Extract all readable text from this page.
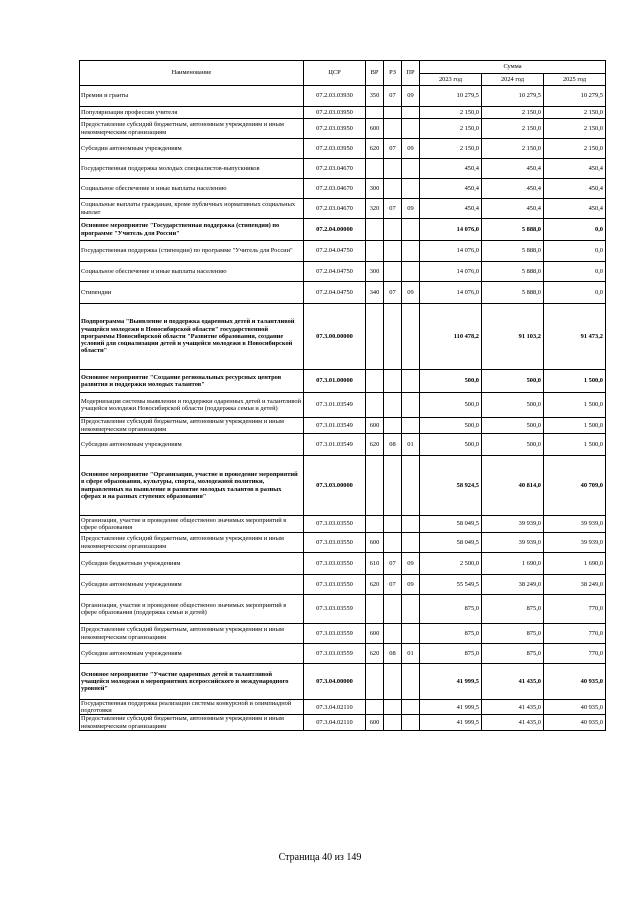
Наименование	ЦСР	ВР	РЗ	ПР	Сумма		
					2023 год	2024 год	2025 год
Премии и гранты	07.2.03.03930	350	07	09	10 279,5	10 279,5	10 279,5
Популяризация профессии учителя	07.2.03.03950				2 150,0	2 150,0	2 150,0
Предоставление субсидий бюджетным, автономным учреждениям и иным некоммерческим организациям	07.2.03.03950	600			2 150,0	2 150,0	2 150,0
Субсидии автономным учреждениям	07.2.03.03950	620	07	09	2 150,0	2 150,0	2 150,0
Государственная поддержка молодых специалистов-выпускников	07.2.03.04670				450,4	450,4	450,4
Социальное обеспечение и иные выплаты населению	07.2.03.04670	300			450,4	450,4	450,4
Социальные выплаты гражданам, кроме публичных нормативных социальных выплат	07.2.03.04670	320	07	09	450,4	450,4	450,4
Основное мероприятие "Государственная поддержка (стипендии) по программе "Учитель для России"	07.2.04.00000				14 076,0	5 888,0	0,0
Государственная поддержка (стипендии) по программе "Учитель для России"	07.2.04.04750				14 076,0	5 888,0	0,0
Социальное обеспечение и иные выплаты населению	07.2.04.04750	300			14 076,0	5 888,0	0,0
Стипендии	07.2.04.04750	340	07	09	14 076,0	5 888,0	0,0
Подпрограмма "Выявление и поддержка одаренных детей и талантливой учащейся молодежи в Новосибирской области" государственной программы Новосибирской области "Развитие образования, создание условий для социализации детей и учащейся молодежи в Новосибирской области"	07.3.00.00000				110 478,2	91 103,2	91 473,2
Основное мероприятие "Создание региональных ресурсных центров развития и поддержки молодых талантов"	07.3.01.00000				500,0	500,0	1 500,0
Модернизация системы выявления и поддержки одаренных детей и талантливой учащейся молодежи Новосибирской области (поддержка семьи и детей)	07.3.01.03549				500,0	500,0	1 500,0
Предоставление субсидий бюджетным, автономным учреждениям и иным некоммерческим организациям	07.3.01.03549	600			500,0	500,0	1 500,0
Субсидии автономным учреждениям	07.3.01.03549	620	08	01	500,0	500,0	1 500,0
Основное мероприятие "Организация, участие и проведение мероприятий в сфере образования, культуры, спорта, молодежной политики, направленных на выявление и развитие молодых талантов в разных сферах и на разных ступенях образования"	07.3.03.00000				58 924,5	40 814,0	40 709,0
Организация, участие и проведение общественно значимых мероприятий в сфере образования	07.3.03.03550				58 049,5	39 939,0	39 939,0
Предоставление субсидий бюджетным, автономным учреждениям и иным некоммерческим организациям	07.3.03.03550	600			58 049,5	39 939,0	39 939,0
Субсидии бюджетным учреждениям	07.3.03.03550	610	07	09	2 500,0	1 690,0	1 690,0
Субсидии автономным учреждениям	07.3.03.03550	620	07	09	55 549,5	38 249,0	38 249,0
Организация, участие и проведение общественно значимых мероприятий в сфере образования (поддержка семьи и детей)	07.3.03.03559				875,0	875,0	770,0
Предоставление субсидий бюджетным, автономным учреждениям и иным некоммерческим организациям	07.3.03.03559	600			875,0	875,0	770,0
Субсидии автономным учреждениям	07.3.03.03559	620	08	01	875,0	875,0	770,0
Основное мероприятие "Участие одаренных детей и талантливой учащейся молодежи в мероприятиях всероссийского и международного уровней"	07.3.04.00000				41 999,5	41 435,0	40 935,0
Государственная поддержка реализации системы конкурсной и олимпиадной подготовки	07.3.04.02110				41 999,5	41 435,0	40 935,0
Предоставление субсидий бюджетным, автономным учреждениям и иным некоммерческим организациям	07.3.04.02110	600			41 999,5	41 435,0	40 935,0
Страница 40 из 149
